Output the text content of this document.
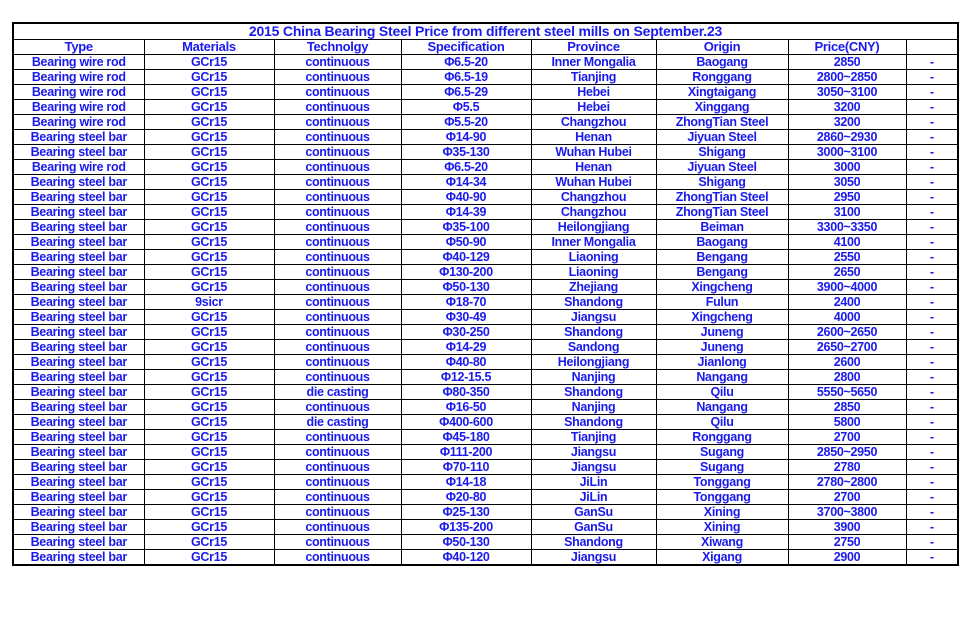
2015 China Bearing Steel Price from different steel mills on September.23							
Type	Materials	Technolgy	Specification	Province	Origin	Price(CNY)	
Bearing wire rod	GCr15	continuous	Φ6.5-20	Inner Mongalia	Baogang	2850	-
Bearing wire rod	GCr15	continuous	Φ6.5-19	Tianjing	Ronggang	2800~2850	-
Bearing wire rod	GCr15	continuous	Φ6.5-29	Hebei	Xingtaigang	3050~3100	-
Bearing wire rod	GCr15	continuous	Φ5.5	Hebei	Xinggang	3200	-
Bearing wire rod	GCr15	continuous	Φ5.5-20	Changzhou	ZhongTian Steel	3200	-
Bearing steel bar	GCr15	continuous	Φ14-90	Henan	Jiyuan Steel	2860~2930	-
Bearing steel bar	GCr15	continuous	Φ35-130	Wuhan Hubei	Shigang	3000~3100	-
Bearing wire rod	GCr15	continuous	Φ6.5-20	Henan	Jiyuan Steel	3000	-
Bearing steel bar	GCr15	continuous	Φ14-34	Wuhan Hubei	Shigang	3050	-
Bearing steel bar	GCr15	continuous	Φ40-90	Changzhou	ZhongTian Steel	2950	-
Bearing steel bar	GCr15	continuous	Φ14-39	Changzhou	ZhongTian Steel	3100	-
Bearing steel bar	GCr15	continuous	Φ35-100	Heilongjiang	Beiman	3300~3350	-
Bearing steel bar	GCr15	continuous	Φ50-90	Inner Mongalia	Baogang	4100	-
Bearing steel bar	GCr15	continuous	Φ40-129	Liaoning	Bengang	2550	-
Bearing steel bar	GCr15	continuous	Φ130-200	Liaoning	Bengang	2650	-
Bearing steel bar	GCr15	continuous	Φ50-130	Zhejiang	Xingcheng	3900~4000	-
Bearing steel bar	9sicr	continuous	Φ18-70	Shandong	Fulun	2400	-
Bearing steel bar	GCr15	continuous	Φ30-49	Jiangsu	Xingcheng	4000	-
Bearing steel bar	GCr15	continuous	Φ30-250	Shandong	Juneng	2600~2650	-
Bearing steel bar	GCr15	continuous	Φ14-29	Sandong	Juneng	2650~2700	-
Bearing steel bar	GCr15	continuous	Φ40-80	Heilongjiang	Jianlong	2600	-
Bearing steel bar	GCr15	continuous	Φ12-15.5	Nanjing	Nangang	2800	-
Bearing steel bar	GCr15	die casting	Φ80-350	Shandong	Qilu	5550~5650	-
Bearing steel bar	GCr15	continuous	Φ16-50	Nanjing	Nangang	2850	-
Bearing steel bar	GCr15	die casting	Φ400-600	Shandong	Qilu	5800	-
Bearing steel bar	GCr15	continuous	Φ45-180	Tianjing	Ronggang	2700	-
Bearing steel bar	GCr15	continuous	Φ111-200	Jiangsu	Sugang	2850~2950	-
Bearing steel bar	GCr15	continuous	Φ70-110	Jiangsu	Sugang	2780	-
Bearing steel bar	GCr15	continuous	Φ14-18	JiLin	Tonggang	2780~2800	-
Bearing steel bar	GCr15	continuous	Φ20-80	JiLin	Tonggang	2700	-
Bearing steel bar	GCr15	continuous	Φ25-130	GanSu	Xining	3700~3800	-
Bearing steel bar	GCr15	continuous	Φ135-200	GanSu	Xining	3900	-
Bearing steel bar	GCr15	continuous	Φ50-130	Shandong	Xiwang	2750	-
Bearing steel bar	GCr15	continuous	Φ40-120	Jiangsu	Xigang	2900	-
